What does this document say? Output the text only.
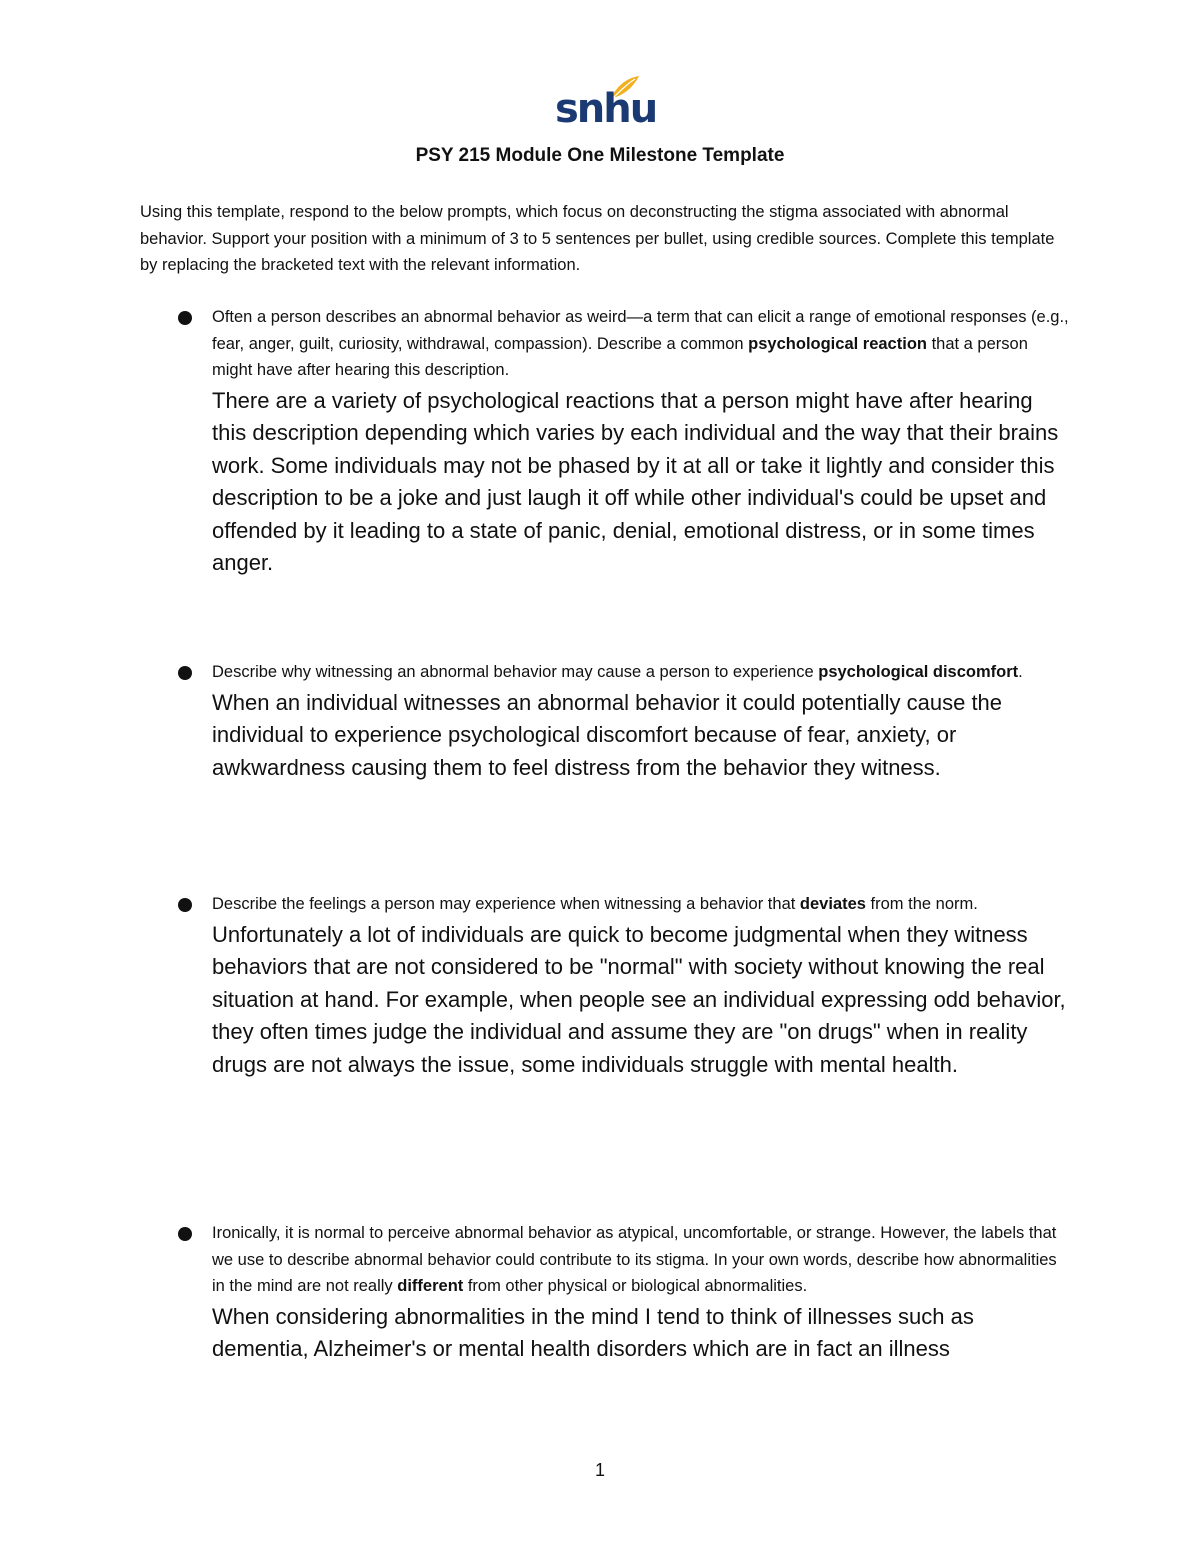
snhu
PSY 215 Module One Milestone Template
Using this template, respond to the below prompts, which focus on deconstructing the stigma associated with abnormal behavior. Support your position with a minimum of 3 to 5 sentences per bullet, using credible sources. Complete this template by replacing the bracketed text with the relevant information.
Often a person describes an abnormal behavior as weird—a term that can elicit a range of emotional responses (e.g., fear, anger, guilt, curiosity, withdrawal, compassion). Describe a common psychological reaction that a person might have after hearing this description.
There are a variety of psychological reactions that a person might have after hearing this description depending which varies by each individual and the way that their brains work. Some individuals may not be phased by it at all or take it lightly and consider this description to be a joke and just laugh it off while other individual's could be upset and offended by it leading to a state of panic, denial, emotional distress, or in some times anger.
Describe why witnessing an abnormal behavior may cause a person to experience psychological discomfort.
When an individual witnesses an abnormal behavior it could potentially cause the individual to experience psychological discomfort because of fear, anxiety, or awkwardness causing them to feel distress from the behavior they witness.
Describe the feelings a person may experience when witnessing a behavior that deviates from the norm.
Unfortunately a lot of individuals are quick to become judgmental when they witness behaviors that are not considered to be "normal" with society without knowing the real situation at hand. For example, when people see an individual expressing odd behavior, they often times judge the individual and assume they are "on drugs" when in reality drugs are not always the issue, some individuals struggle with mental health.
Ironically, it is normal to perceive abnormal behavior as atypical, uncomfortable, or strange. However, the labels that we use to describe abnormal behavior could contribute to its stigma. In your own words, describe how abnormalities in the mind are not really different from other physical or biological abnormalities.
When considering abnormalities in the mind I tend to think of illnesses such as dementia, Alzheimer's or mental health disorders which are in fact an illness
1
